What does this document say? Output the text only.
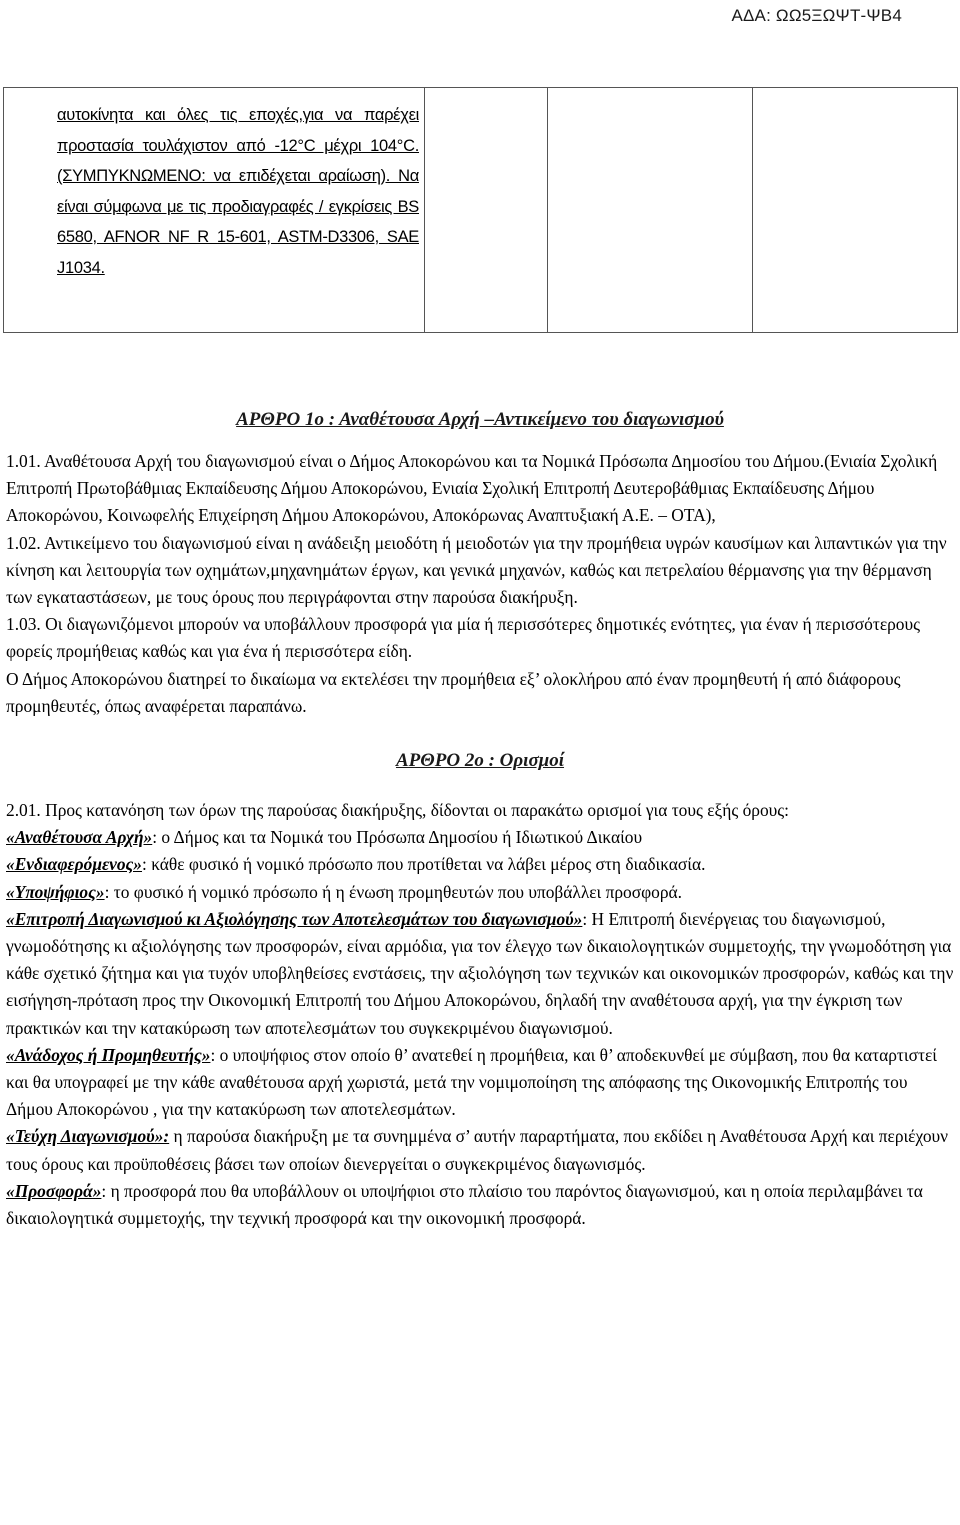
ΑΔΑ: ΩΩ5ΞΩΨΤ-ΨΒ4
αυτοκίνητα και όλες τις εποχές,για να παρέχει προστασία τουλάχιστον από -12°C μέχρι 104°C. (ΣΥΜΠΥΚΝΩΜΕΝΟ: να επιδέχεται αραίωση). Να είναι σύμφωνα με τις προδιαγραφές / εγκρίσεις BS 6580, AFNOR NF R 15-601, ASTM-D3306, SAE J1034.

ΑΡΘΡΟ 1ο : Αναθέτουσα Αρχή –Αντικείμενο του διαγωνισμού

1.01. Αναθέτουσα Αρχή του διαγωνισμού είναι ο Δήμος Αποκορώνου και τα Νομικά Πρόσωπα Δημοσίου του Δήμου.(Ενιαία Σχολική Επιτροπή Πρωτοβάθμιας Εκπαίδευσης Δήμου Αποκορώνου, Ενιαία Σχολική Επιτροπή Δευτεροβάθμιας Εκπαίδευσης Δήμου Αποκορώνου, Κοινωφελής Επιχείρηση Δήμου Αποκορώνου, Αποκόρωνας Αναπτυξιακή Α.Ε. – ΟΤΑ),

1.02. Αντικείμενο του διαγωνισμού είναι η ανάδειξη μειοδότη ή μειοδοτών για την προμήθεια υγρών καυσίμων και λιπαντικών για την κίνηση και λειτουργία των οχημάτων,μηχανημάτων έργων, και γενικά μηχανών, καθώς και πετρελαίου θέρμανσης για την θέρμανση των εγκαταστάσεων, με τους όρους που περιγράφονται στην παρούσα διακήρυξη.

1.03. Οι διαγωνιζόμενοι μπορούν να υποβάλλουν προσφορά για μία ή περισσότερες δημοτικές ενότητες, για έναν ή περισσότερους φορείς προμήθειας καθώς και για ένα ή περισσότερα είδη.

Ο Δήμος Αποκορώνου διατηρεί το δικαίωμα να εκτελέσει την προμήθεια εξ’ ολοκλήρου από έναν προμηθευτή ή από διάφορους προμηθευτές, όπως αναφέρεται παραπάνω.

ΑΡΘΡΟ 2ο : Ορισμοί

2.01. Προς κατανόηση των όρων της παρούσας διακήρυξης, δίδονται οι παρακάτω ορισμοί για τους εξής όρους:

«Αναθέτουσα Αρχή»: ο Δήμος και τα Νομικά του Πρόσωπα Δημοσίου ή Ιδιωτικού Δικαίου

«Ενδιαφερόμενος»: κάθε φυσικό ή νομικό πρόσωπο που προτίθεται να λάβει μέρος στη διαδικασία.

«Υποψήφιος»: το φυσικό ή νομικό πρόσωπο ή η ένωση προμηθευτών που υποβάλλει προσφορά.

«Επιτροπή Διαγωνισμού κι Αξιολόγησης των Αποτελεσμάτων του διαγωνισμού»: Η Επιτροπή διενέργειας του διαγωνισμού, γνωμοδότησης κι αξιολόγησης των προσφορών, είναι αρμόδια, για τον έλεγχο των δικαιολογητικών συμμετοχής, την γνωμοδότηση για κάθε σχετικό ζήτημα και για τυχόν υποβληθείσες ενστάσεις, την αξιολόγηση των τεχνικών και οικονομικών προσφορών, καθώς και την εισήγηση-πρόταση προς την Οικονομική Επιτροπή του Δήμου Αποκορώνου, δηλαδή την αναθέτουσα αρχή, για την έγκριση των πρακτικών και την κατακύρωση των αποτελεσμάτων του συγκεκριμένου διαγωνισμού.

«Ανάδοχος ή Προμηθευτής»: ο υποψήφιος στον οποίο θ’ ανατεθεί η προμήθεια, και θ’ αποδεκυνθεί με σύμβαση, που θα καταρτιστεί και θα υπογραφεί με την κάθε αναθέτουσα αρχή χωριστά, μετά την νομιμοποίηση της απόφασης της Οικονομικής Επιτροπής του Δήμου Αποκορώνου , για την κατακύρωση των αποτελεσμάτων.

«Τεύχη Διαγωνισμού»: η παρούσα διακήρυξη με τα συνημμένα σ’ αυτήν παραρτήματα, που εκδίδει η Αναθέτουσα Αρχή και περιέχουν τους όρους και προϋποθέσεις βάσει των οποίων διενεργείται ο συγκεκριμένος διαγωνισμός.

«Προσφορά»: η προσφορά που θα υποβάλλουν οι υποψήφιοι στο πλαίσιο του παρόντος διαγωνισμού, και η οποία περιλαμβάνει τα δικαιολογητικά συμμετοχής, την τεχνική προσφορά και την οικονομική προσφορά.
